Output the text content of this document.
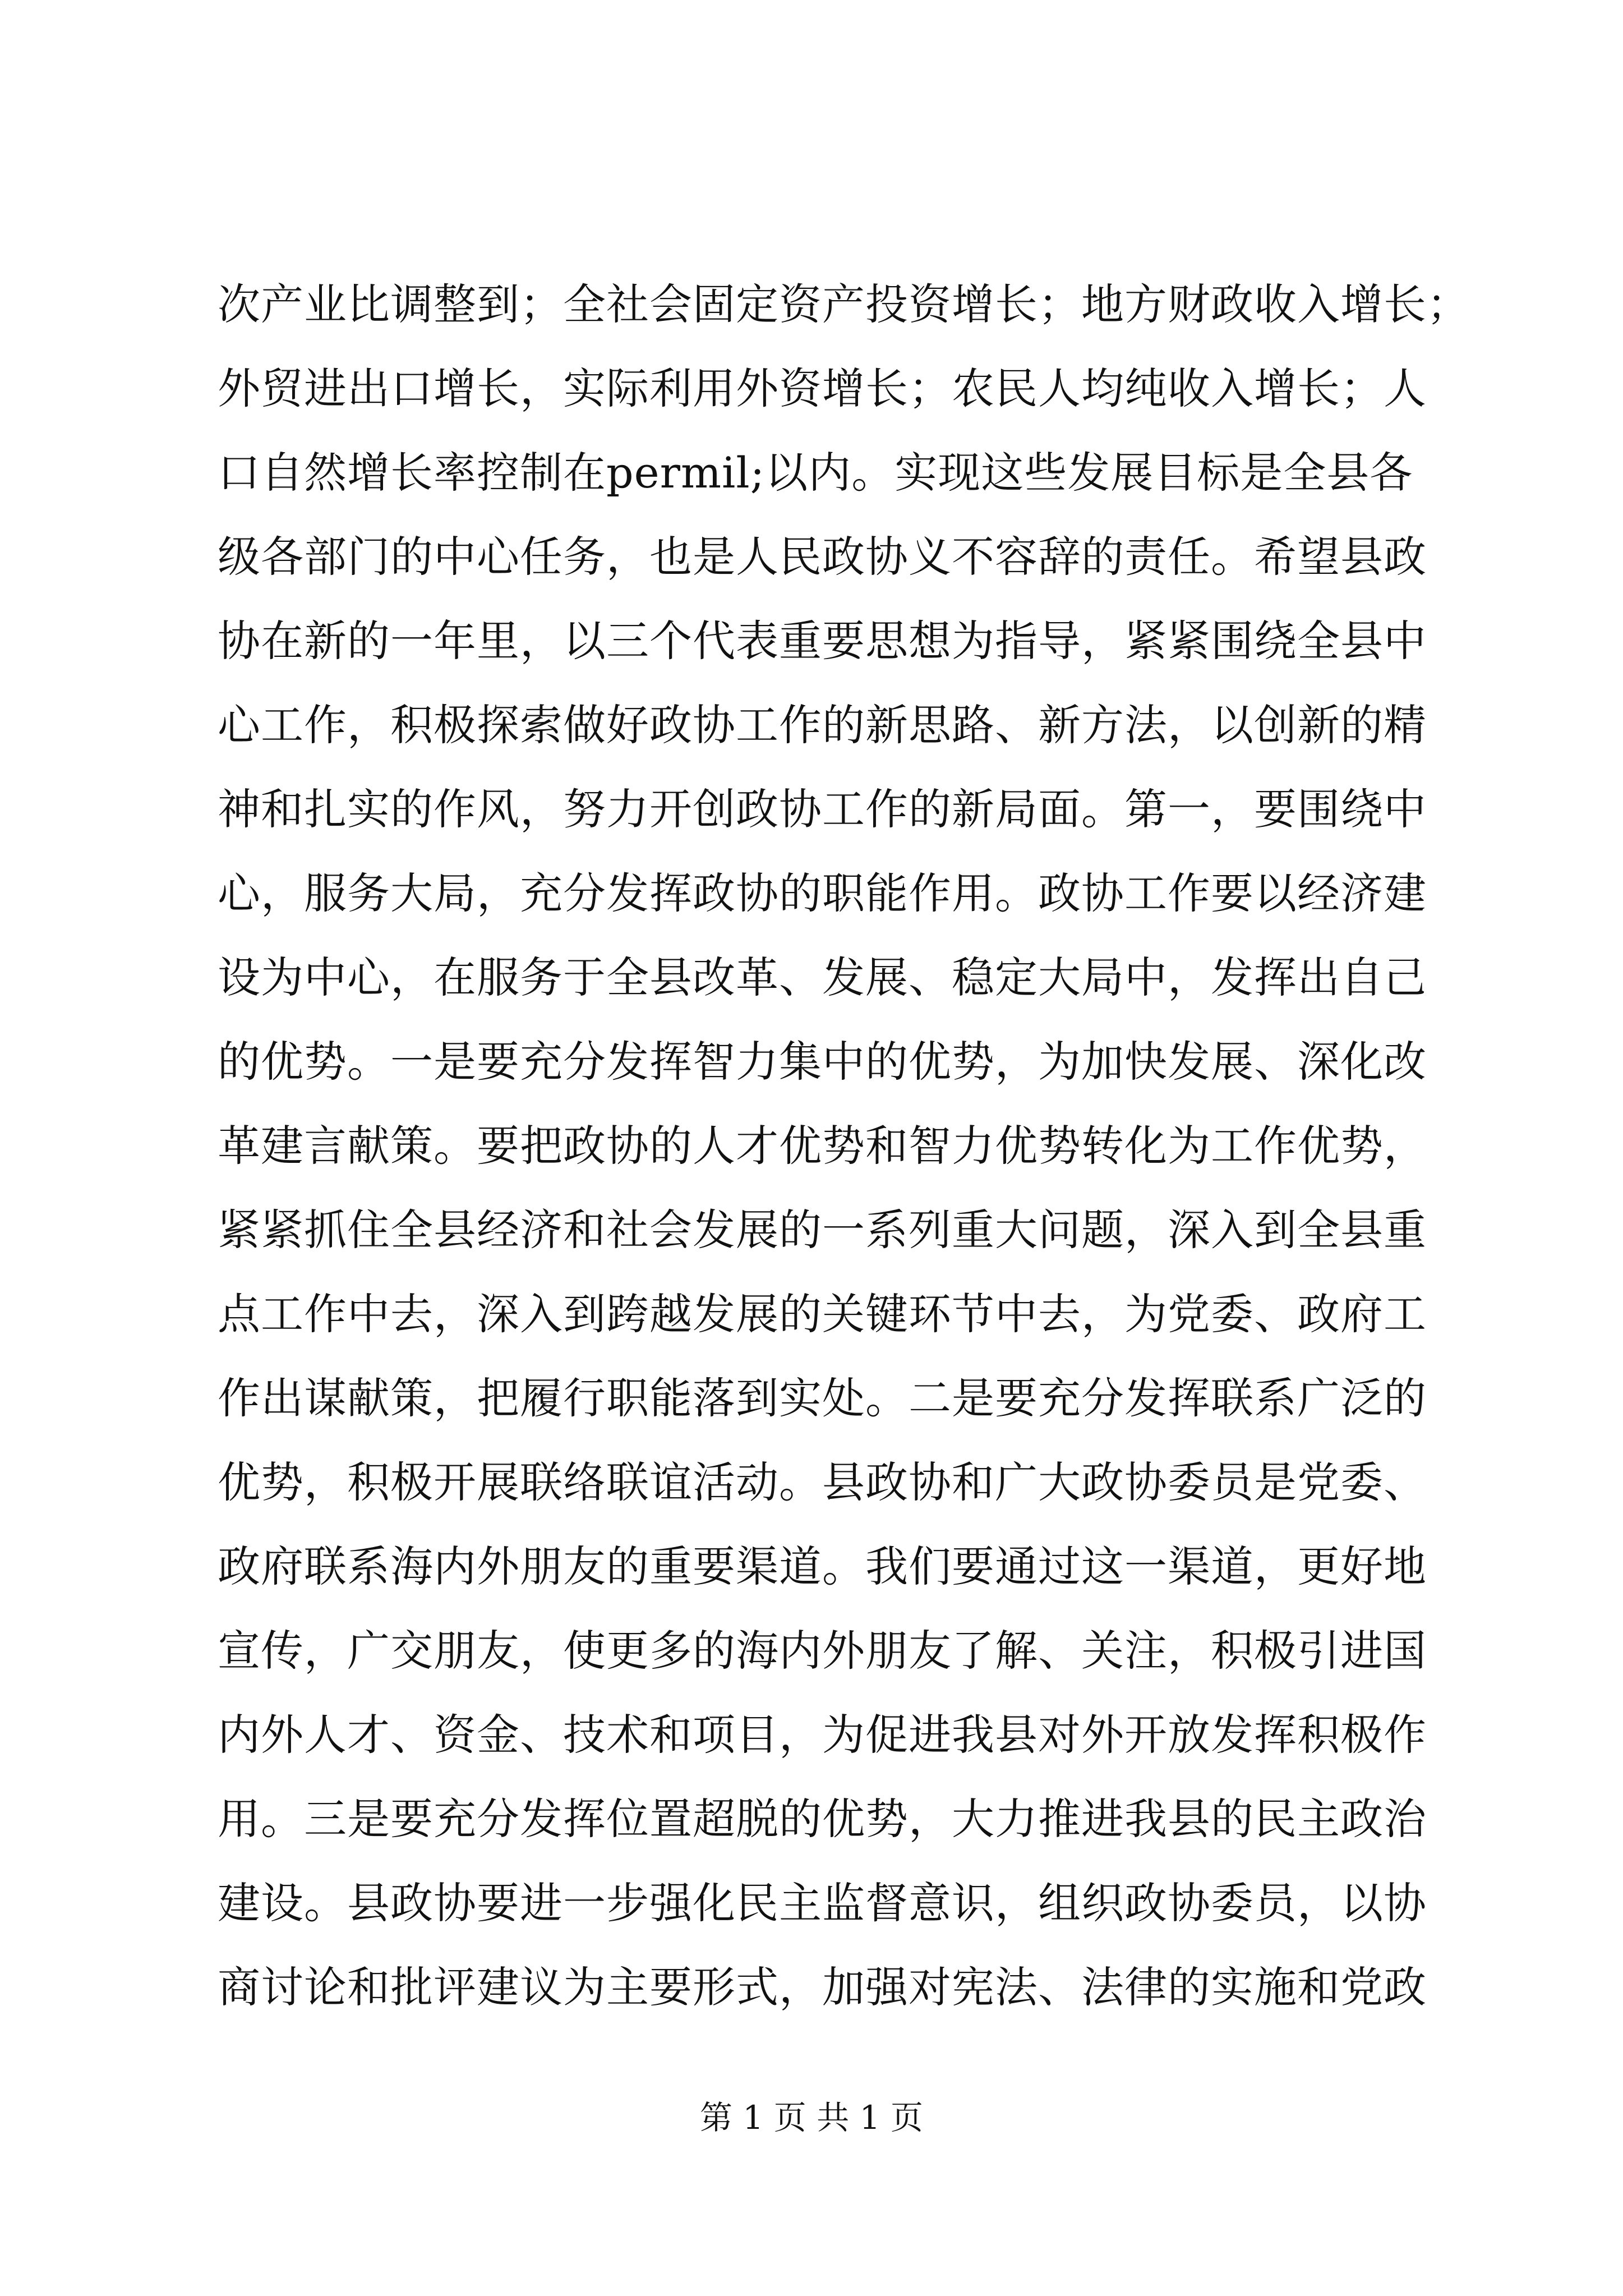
次产业比调整到；全社会固定资产投资增长；地方财政收入增长；
外贸进出口增长，实际利用外资增长；农民人均纯收入增长；人
口自然增长率控制在permil;以内。实现这些发展目标是全县各
级各部门的中心任务，也是人民政协义不容辞的责任。希望县政
协在新的一年里，以三个代表重要思想为指导，紧紧围绕全县中
心工作，积极探索做好政协工作的新思路、新方法，以创新的精
神和扎实的作风，努力开创政协工作的新局面。第一，要围绕中
心，服务大局，充分发挥政协的职能作用。政协工作要以经济建
设为中心，在服务于全县改革、发展、稳定大局中，发挥出自己
的优势。一是要充分发挥智力集中的优势，为加快发展、深化改
革建言献策。要把政协的人才优势和智力优势转化为工作优势，
紧紧抓住全县经济和社会发展的一系列重大问题，深入到全县重
点工作中去，深入到跨越发展的关键环节中去，为党委、政府工
作出谋献策，把履行职能落到实处。二是要充分发挥联系广泛的
优势，积极开展联络联谊活动。县政协和广大政协委员是党委、
政府联系海内外朋友的重要渠道。我们要通过这一渠道，更好地
宣传，广交朋友，使更多的海内外朋友了解、关注，积极引进国
内外人才、资金、技术和项目，为促进我县对外开放发挥积极作
用。三是要充分发挥位置超脱的优势，大力推进我县的民主政治
建设。县政协要进一步强化民主监督意识，组织政协委员，以协
商讨论和批评建议为主要形式，加强对宪法、法律的实施和党政
第 1 页 共 1 页
